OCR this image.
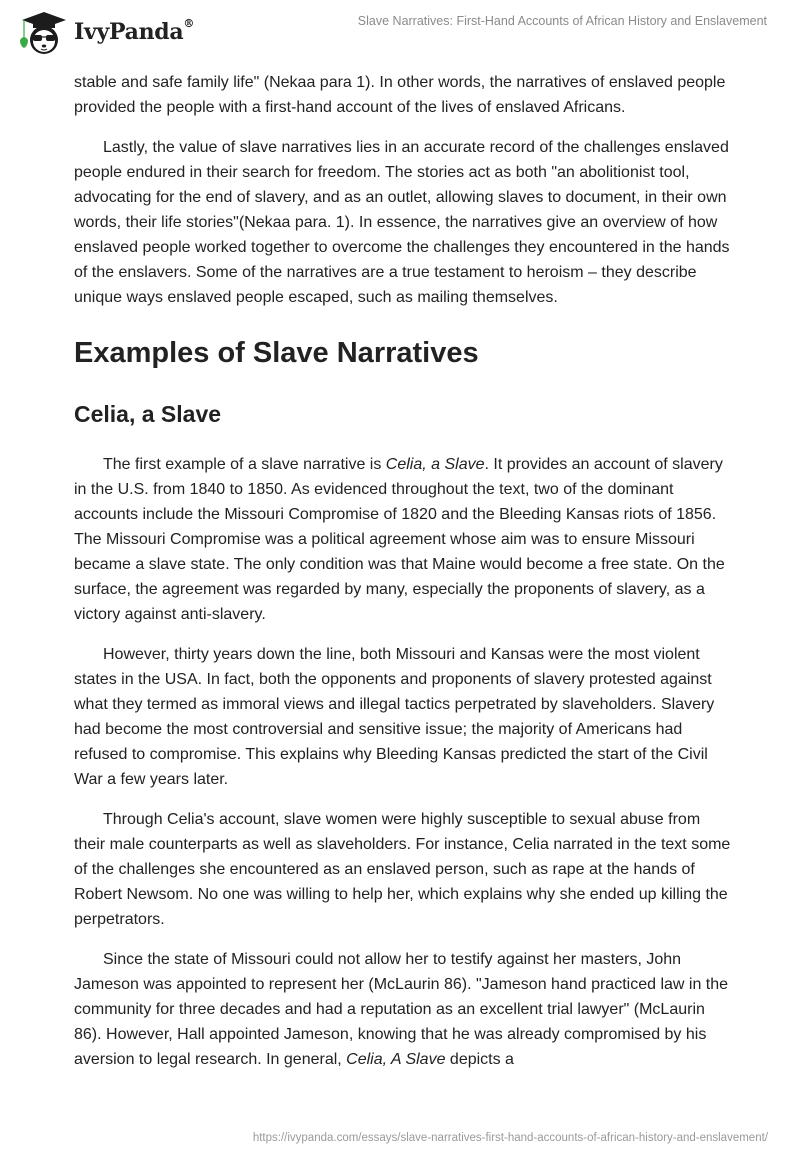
IvyPanda®	Slave Narratives: First-Hand Accounts of African History and Enslavement

stable and safe family life" (Nekaa para 1). In other words, the narratives of enslaved people provided the people with a first-hand account of the lives of enslaved Africans.

Lastly, the value of slave narratives lies in an accurate record of the challenges enslaved people endured in their search for freedom. The stories act as both "an abolitionist tool, advocating for the end of slavery, and as an outlet, allowing slaves to document, in their own words, their life stories"(Nekaa para. 1). In essence, the narratives give an overview of how enslaved people worked together to overcome the challenges they encountered in the hands of the enslavers. Some of the narratives are a true testament to heroism – they describe unique ways enslaved people escaped, such as mailing themselves.

Examples of Slave Narratives
Celia, a Slave

The first example of a slave narrative is Celia, a Slave. It provides an account of slavery in the U.S. from 1840 to 1850. As evidenced throughout the text, two of the dominant accounts include the Missouri Compromise of 1820 and the Bleeding Kansas riots of 1856. The Missouri Compromise was a political agreement whose aim was to ensure Missouri became a slave state. The only condition was that Maine would become a free state. On the surface, the agreement was regarded by many, especially the proponents of slavery, as a victory against anti-slavery.

However, thirty years down the line, both Missouri and Kansas were the most violent states in the USA. In fact, both the opponents and proponents of slavery protested against what they termed as immoral views and illegal tactics perpetrated by slaveholders. Slavery had become the most controversial and sensitive issue; the majority of Americans had refused to compromise. This explains why Bleeding Kansas predicted the start of the Civil War a few years later.

Through Celia's account, slave women were highly susceptible to sexual abuse from their male counterparts as well as slaveholders. For instance, Celia narrated in the text some of the challenges she encountered as an enslaved person, such as rape at the hands of Robert Newsom. No one was willing to help her, which explains why she ended up killing the perpetrators.

Since the state of Missouri could not allow her to testify against her masters, John Jameson was appointed to represent her (McLaurin 86). "Jameson hand practiced law in the community for three decades and had a reputation as an excellent trial lawyer" (McLaurin 86). However, Hall appointed Jameson, knowing that he was already compromised by his aversion to legal research. In general, Celia, A Slave depicts a

https://ivypanda.com/essays/slave-narratives-first-hand-accounts-of-african-history-and-enslavement/
